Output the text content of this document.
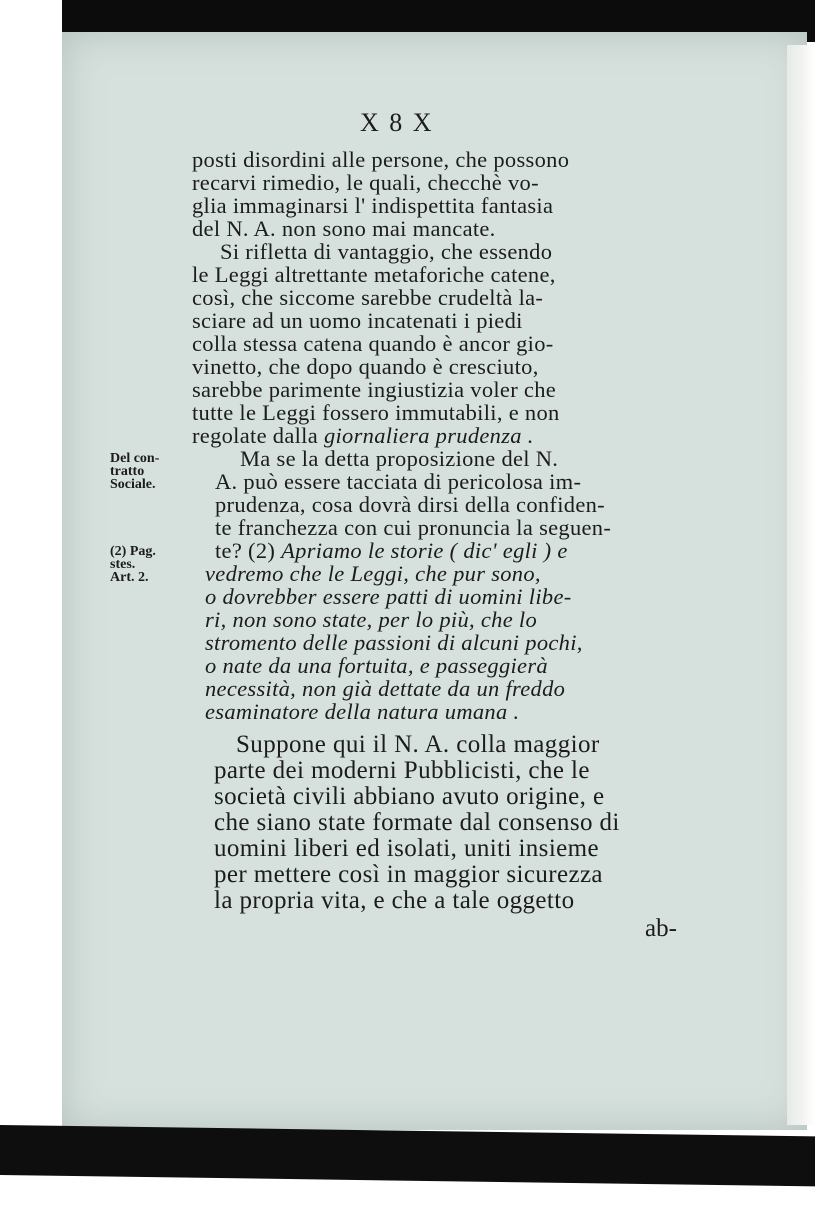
X 8 X
posti disordini alle persone, che possono
recarvi rimedio, le quali, checchè vo-
glia immaginarsi l' indispettita fantasia
del N. A. non sono mai mancate.
Si rifletta di vantaggio, che essendo
le Leggi altrettante metaforiche catene,
così, che siccome sarebbe crudeltà la-
sciare ad un uomo incatenati i piedi
colla stessa catena quando è ancor gio-
vinetto, che dopo quando è cresciuto,
sarebbe parimente ingiustizia voler che
tutte le Leggi fossero immutabili, e non
regolate dalla giornaliera prudenza .
Del con-
tratto
Sociale.
Ma se la detta proposizione del N.
A. può essere tacciata di pericolosa im-
prudenza, cosa dovrà dirsi della confiden-
te franchezza con cui pronuncia la seguen-
(2) Pag.
stes.
Art. 2.
te? (2) Apriamo le storie ( dic' egli ) e
vedremo che le Leggi, che pur sono,
o dovrebber essere patti di uomini libe-
ri, non sono state, per lo più, che lo
stromento delle passioni di alcuni pochi,
o nate da una fortuita, e passeggierà
necessità, non già dettate da un freddo
esaminatore della natura umana .
Suppone qui il N. A. colla maggior
parte dei moderni Pubblicisti, che le
società civili abbiano avuto origine, e
che siano state formate dal consenso di
uomini liberi ed isolati, uniti insieme
per mettere così in maggior sicurezza
la propria vita, e che a tale oggetto
ab-
